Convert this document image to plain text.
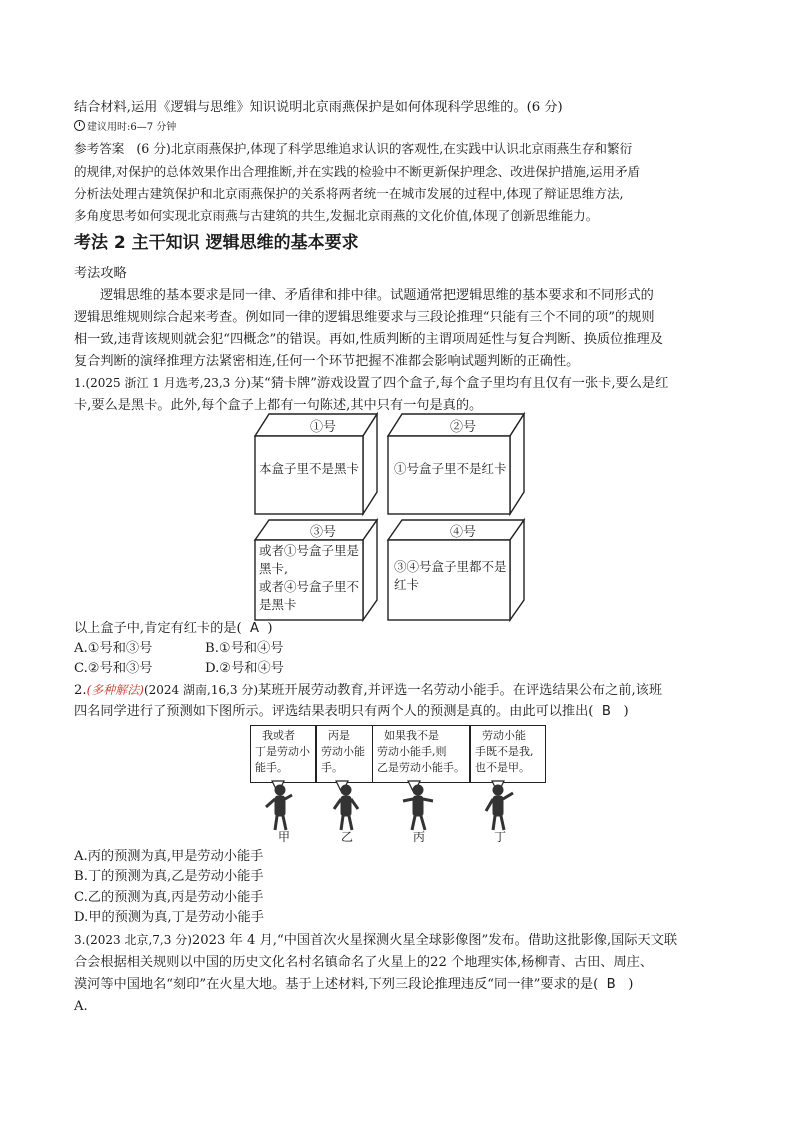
结合材料,运用《逻辑与思维》知识说明北京雨燕保护是如何体现科学思维的。(6 分)
建议用时:6—7 分钟
参考答案 (6 分)北京雨燕保护,体现了科学思维追求认识的客观性,在实践中认识北京雨燕生存和繁衍
的规律,对保护的总体效果作出合理推断,并在实践的检验中不断更新保护理念、改进保护措施,运用矛盾
分析法处理古建筑保护和北京雨燕保护的关系将两者统一在城市发展的过程中,体现了辩证思维方法,
多角度思考如何实现北京雨燕与古建筑的共生,发掘北京雨燕的文化价值,体现了创新思维能力。
考法 2 主干知识 逻辑思维的基本要求
考法攻略
逻辑思维的基本要求是同一律、矛盾律和排中律。试题通常把逻辑思维的基本要求和不同形式的
逻辑思维规则综合起来考查。例如同一律的逻辑思维要求与三段论推理“只能有三个不同的项”的规则
相一致,违背该规则就会犯“四概念”的错误。再如,性质判断的主谓项周延性与复合判断、换质位推理及
复合判断的演绎推理方法紧密相连,任何一个环节把握不准都会影响试题判断的正确性。
1.(2025 浙江 1 月选考,23,3 分)某“猜卡牌”游戏设置了四个盒子,每个盒子里均有且仅有一张卡,要么是红
卡,要么是黑卡。此外,每个盒子上都有一句陈述,其中只有一句是真的。
①号
本盒子里不是黑卡
②号
①号盒子里不是红卡
③号
或者①号盒子里是
黑卡,
或者④号盒子里不
是黑卡
④号
③④号盒子里都不是
红卡
以上盒子中,肯定有红卡的是( A )
A.①号和③号	B.①号和④号
C.②号和③号	D.②号和④号
2.(多种解法)(2024 湖南,16,3 分)某班开展劳动教育,并评选一名劳动小能手。在评选结果公布之前,该班
四名同学进行了预测如下图所示。评选结果表明只有两个人的预测是真的。由此可以推出( B )
我或者
丁是劳动小
能手。
丙是
劳动小能
手。
如果我不是
劳动小能手,则
乙是劳动小能手。
劳动小能
手既不是我,
也不是甲。
甲	乙	丙	丁
A.丙的预测为真,甲是劳动小能手
B.丁的预测为真,乙是劳动小能手
C.乙的预测为真,丙是劳动小能手
D.甲的预测为真,丁是劳动小能手
3.(2023 北京,7,3 分)2023 年 4 月,“中国首次火星探测火星全球影像图”发布。借助这批影像,国际天文联
合会根据相关规则以中国的历史文化名村名镇命名了火星上的22 个地理实体,杨柳青、古田、周庄、
漠河等中国地名“刻印”在火星大地。基于上述材料,下列三段论推理违反“同一律”要求的是( B )
A.
